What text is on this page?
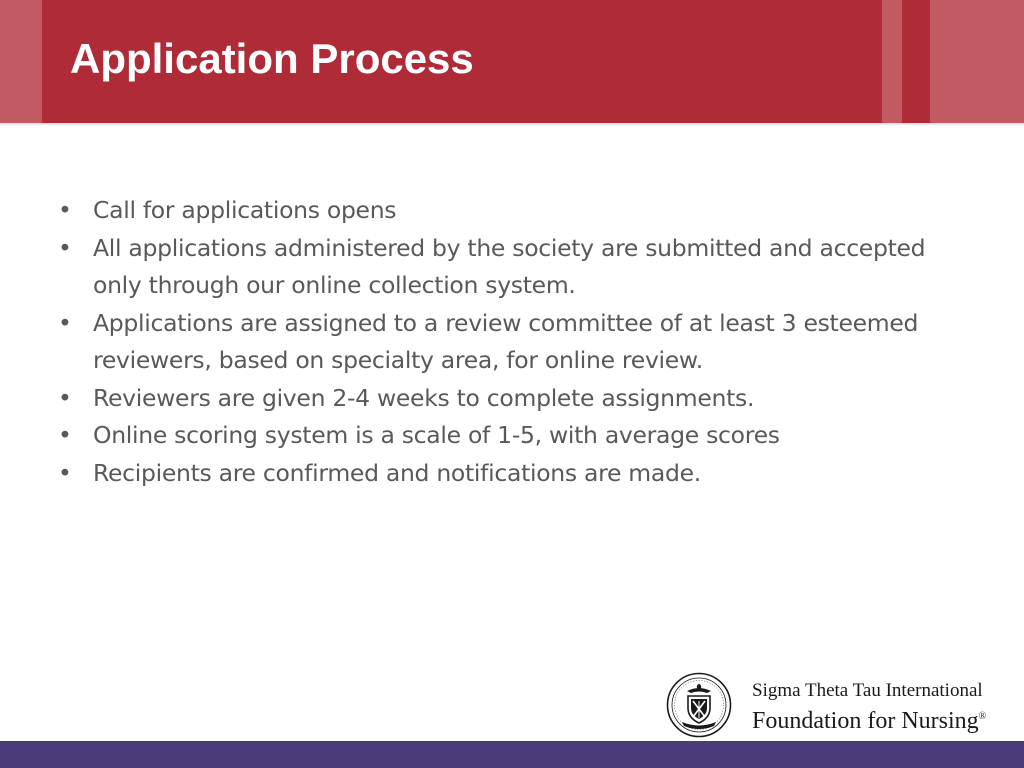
Application Process
• Call for applications opens
• All applications administered by the society are submitted and accepted only through our online collection system.
• Applications are assigned to a review committee of at least 3 esteemed reviewers, based on specialty area, for online review.
• Reviewers are given 2-4 weeks to complete assignments.
• Online scoring system is a scale of 1-5, with average scores
• Recipients are confirmed and notifications are made.
Sigma Theta Tau International
Foundation for Nursing®
